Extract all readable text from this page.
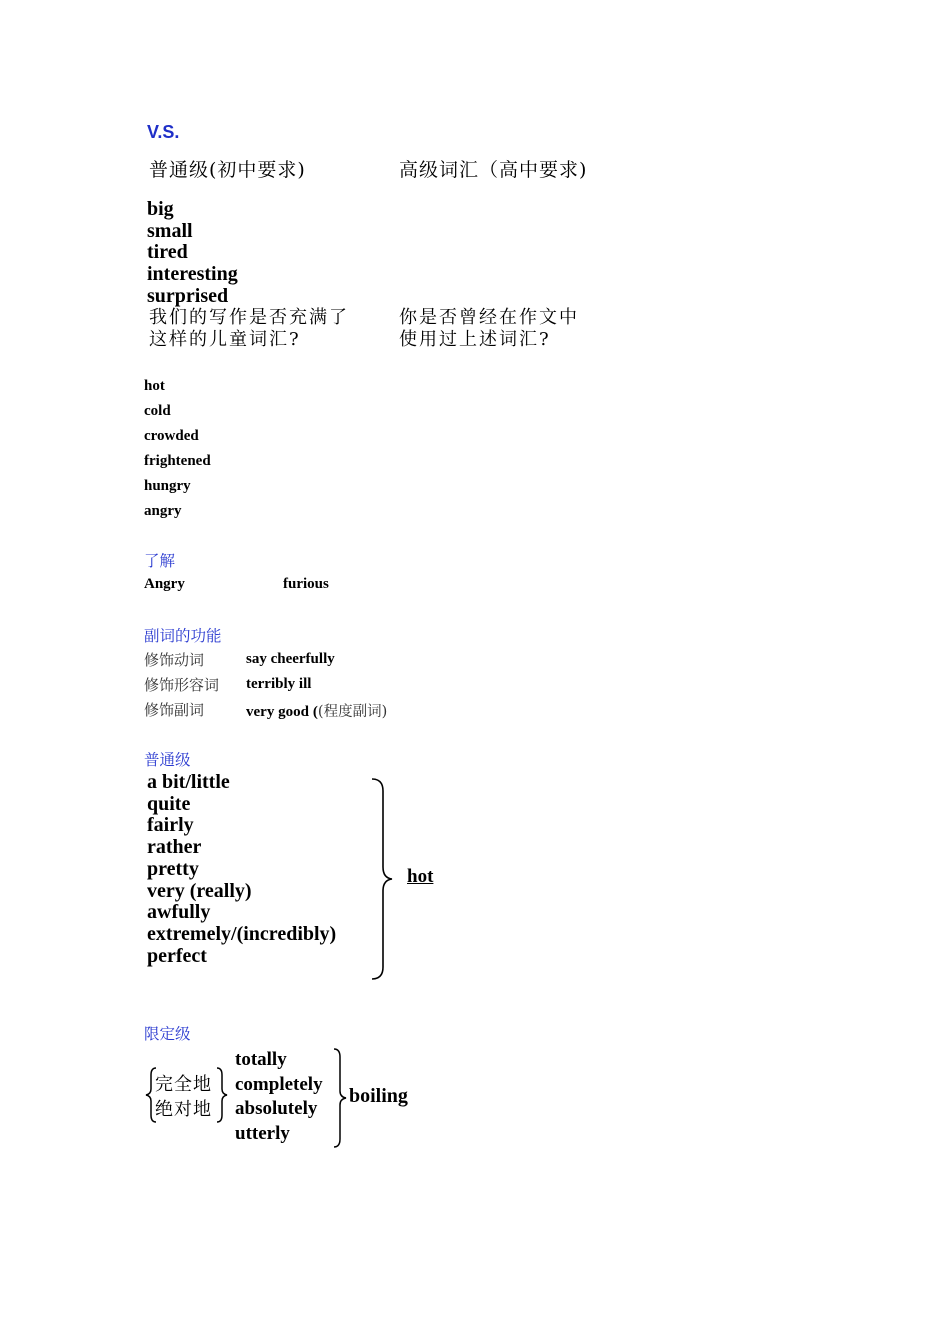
V.S.
普通级(初中要求)	高级词汇（高中要求)
big
small
tired
interesting
surprised
我们的写作是否充满了
这样的儿童词汇?
你是否曾经在作文中
使用过上述词汇?
hot
cold
crowded
frightened
hungry
angry
了解
Angry	furious
副词的功能
修饰动词	say cheerfully
修饰形容词 terribly ill
修饰副词	very good ((程度副词)
普通级
a bit/little
quite
fairly
rather
pretty
very (really)
awfully
extremely/(incredibly)
perfect
hot
限定级
完全地
绝对地
totally
completely
absolutely
utterly
boiling
